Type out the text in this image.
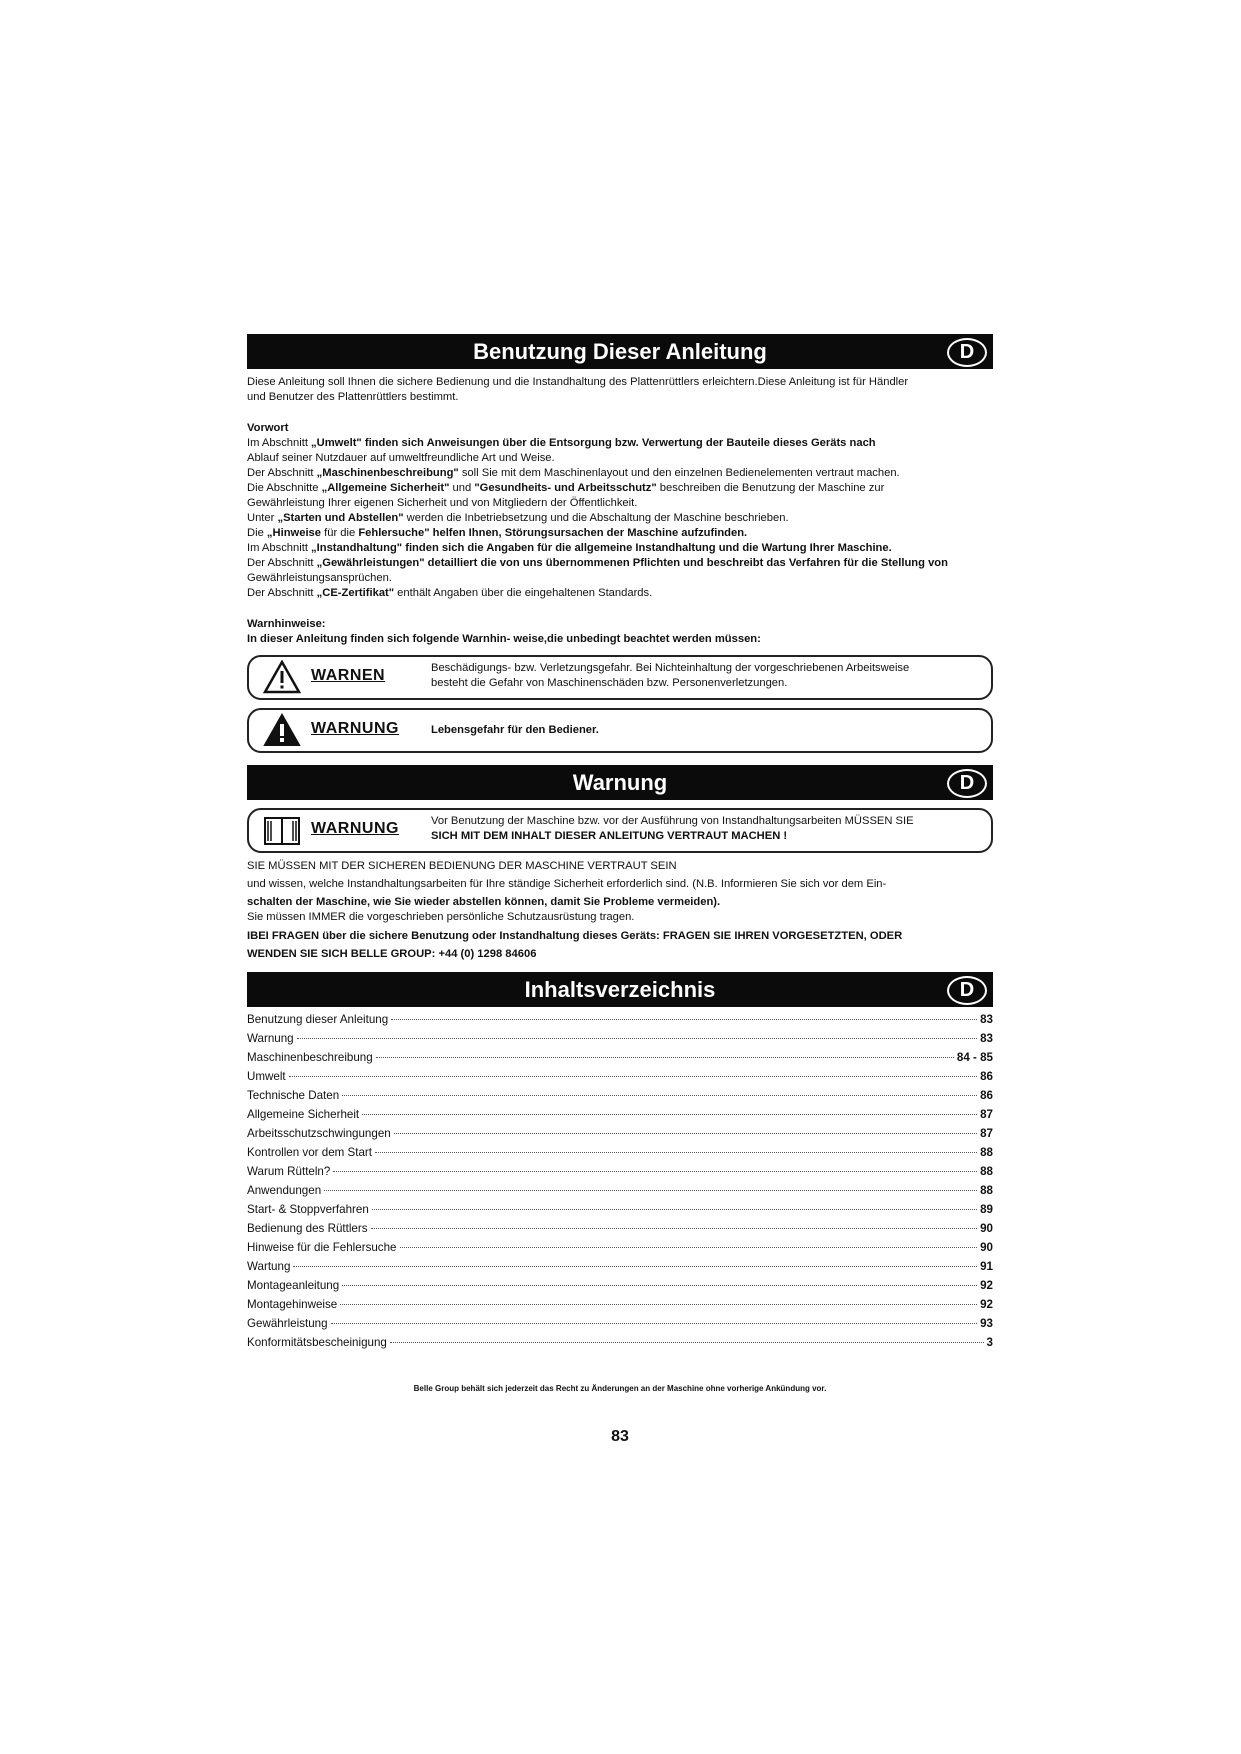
Benutzung Dieser Anleitung	D
Diese Anleitung soll Ihnen die sichere Bedienung und die Instandhaltung des Plattenrüttlers erleichtern.Diese Anleitung ist für Händler
und Benutzer des Plattenrüttlers bestimmt.
Vorwort
Im Abschnitt „Umwelt" finden sich Anweisungen über die Entsorgung bzw. Verwertung der Bauteile dieses Geräts nach
Ablauf seiner Nutzdauer auf umweltfreundliche Art und Weise.
Der Abschnitt „Maschinenbeschreibung" soll Sie mit dem Maschinenlayout und den einzelnen Bedienelementen vertraut machen.
Die Abschnitte „Allgemeine Sicherheit" und "Gesundheits- und Arbeitsschutz" beschreiben die Benutzung der Maschine zur
Gewährleistung Ihrer eigenen Sicherheit und von Mitgliedern der Öffentlichkeit.
Unter „Starten und Abstellen" werden die Inbetriebsetzung und die Abschaltung der Maschine beschrieben.
Die „Hinweise für die Fehlersuche" helfen Ihnen, Störungsursachen der Maschine aufzufinden.
Im Abschnitt „Instandhaltung" finden sich die Angaben für die allgemeine Instandhaltung und die Wartung Ihrer Maschine.
Der Abschnitt „Gewährleistungen" detailliert die von uns übernommenen Pflichten und beschreibt das Verfahren für die Stellung von
Gewährleistungsansprüchen.
Der Abschnitt „CE-Zertifikat" enthält Angaben über die eingehaltenen Standards.
Warnhinweise:
In dieser Anleitung finden sich folgende Warnhin- weise,die unbedingt beachtet werden müssen:
WARNEN	Beschädigungs- bzw. Verletzungsgefahr. Bei Nichteinhaltung der vorgeschriebenen Arbeitsweise
besteht die Gefahr von Maschinenschäden bzw. Personenverletzungen.
WARNUNG	Lebensgefahr für den Bediener.
Warnung	D
WARNUNG	Vor Benutzung der Maschine bzw. vor der Ausführung von Instandhaltungsarbeiten MÜSSEN SIE
SICH MIT DEM INHALT DIESER ANLEITUNG VERTRAUT MACHEN !
SIE MÜSSEN MIT DER SICHEREN BEDIENUNG DER MASCHINE VERTRAUT SEIN
und wissen, welche Instandhaltungsarbeiten für Ihre ständige Sicherheit erforderlich sind. (N.B. Informieren Sie sich vor dem Ein-
schalten der Maschine, wie Sie wieder abstellen können, damit Sie Probleme vermeiden).
Sie müssen IMMER die vorgeschrieben persönliche Schutzausrüstung tragen.
IBEI FRAGEN über die sichere Benutzung oder Instandhaltung dieses Geräts: FRAGEN SIE IHREN VORGESETZTEN, ODER
WENDEN SIE SICH BELLE GROUP: +44 (0) 1298 84606
Inhaltsverzeichnis	D
Benutzung dieser Anleitung	83
Warnung	83
Maschinenbeschreibung	84 - 85
Umwelt	86
Technische Daten	86
Allgemeine Sicherheit	87
Arbeitsschutzschwingungen	87
Kontrollen vor dem Start	88
Warum Rütteln?	88
Anwendungen	88
Start- & Stoppverfahren	89
Bedienung des Rüttlers	90
Hinweise für die Fehlersuche	90
Wartung	91
Montageanleitung	92
Montagehinweise	92
Gewährleistung	93
Konformitätsbescheinigung	3
Belle Group behält sich jederzeit das Recht zu Änderungen an der Maschine ohne vorherige Ankündung vor.
83
